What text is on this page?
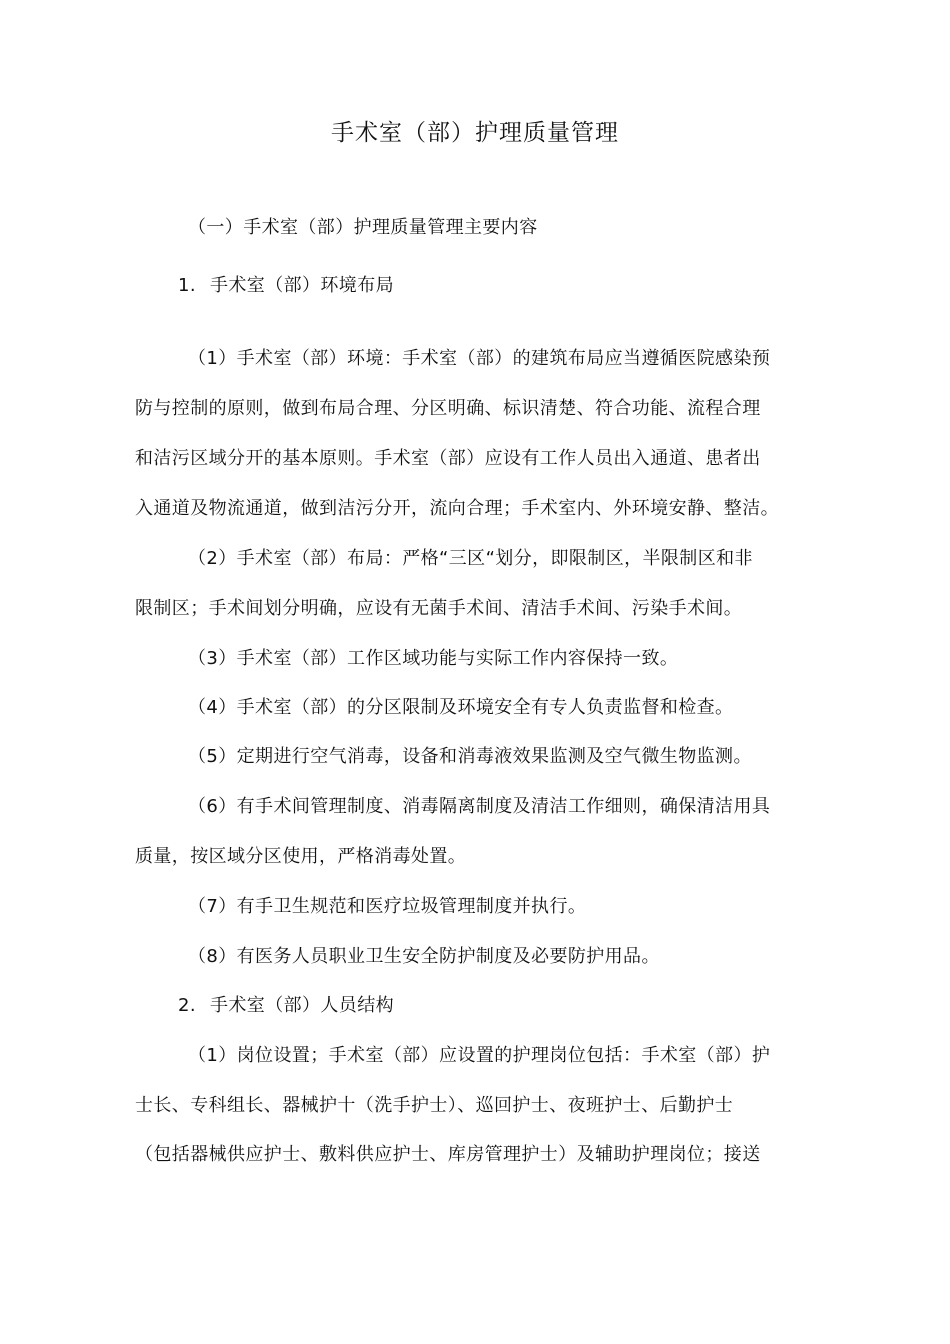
手术室（部）护理质量管理
（一）手术室（部）护理质量管理主要内容
1. 手术室（部）环境布局
（1）手术室（部）环境：手术室（部）的建筑布局应当遵循医院感染预
防与控制的原则，做到布局合理、分区明确、标识清楚、符合功能、流程合理
和洁污区域分开的基本原则。手术室（部）应设有工作人员出入通道、患者出
入通道及物流通道，做到洁污分开，流向合理；手术室内、外环境安静、整洁。
（2）手术室（部）布局：严格“三区“划分，即限制区，半限制区和非
限制区；手术间划分明确，应设有无菌手术间、清洁手术间、污染手术间。
（3）手术室（部）工作区域功能与实际工作内容保持一致。
（4）手术室（部）的分区限制及环境安全有专人负责监督和检查。
（5）定期进行空气消毒，设备和消毒液效果监测及空气微生物监测。
（6）有手术间管理制度、消毒隔离制度及清洁工作细则，确保清洁用具
质量，按区域分区使用，严格消毒处置。
（7）有手卫生规范和医疗垃圾管理制度并执行。
（8）有医务人员职业卫生安全防护制度及必要防护用品。
2. 手术室（部）人员结构
（1）岗位设置；手术室（部）应设置的护理岗位包括：手术室（部）护
士长、专科组长、器械护十（洗手护士）、巡回护士、夜班护士、后勤护士
（包括器械供应护士、敷料供应护士、库房管理护士）及辅助护理岗位；接送
